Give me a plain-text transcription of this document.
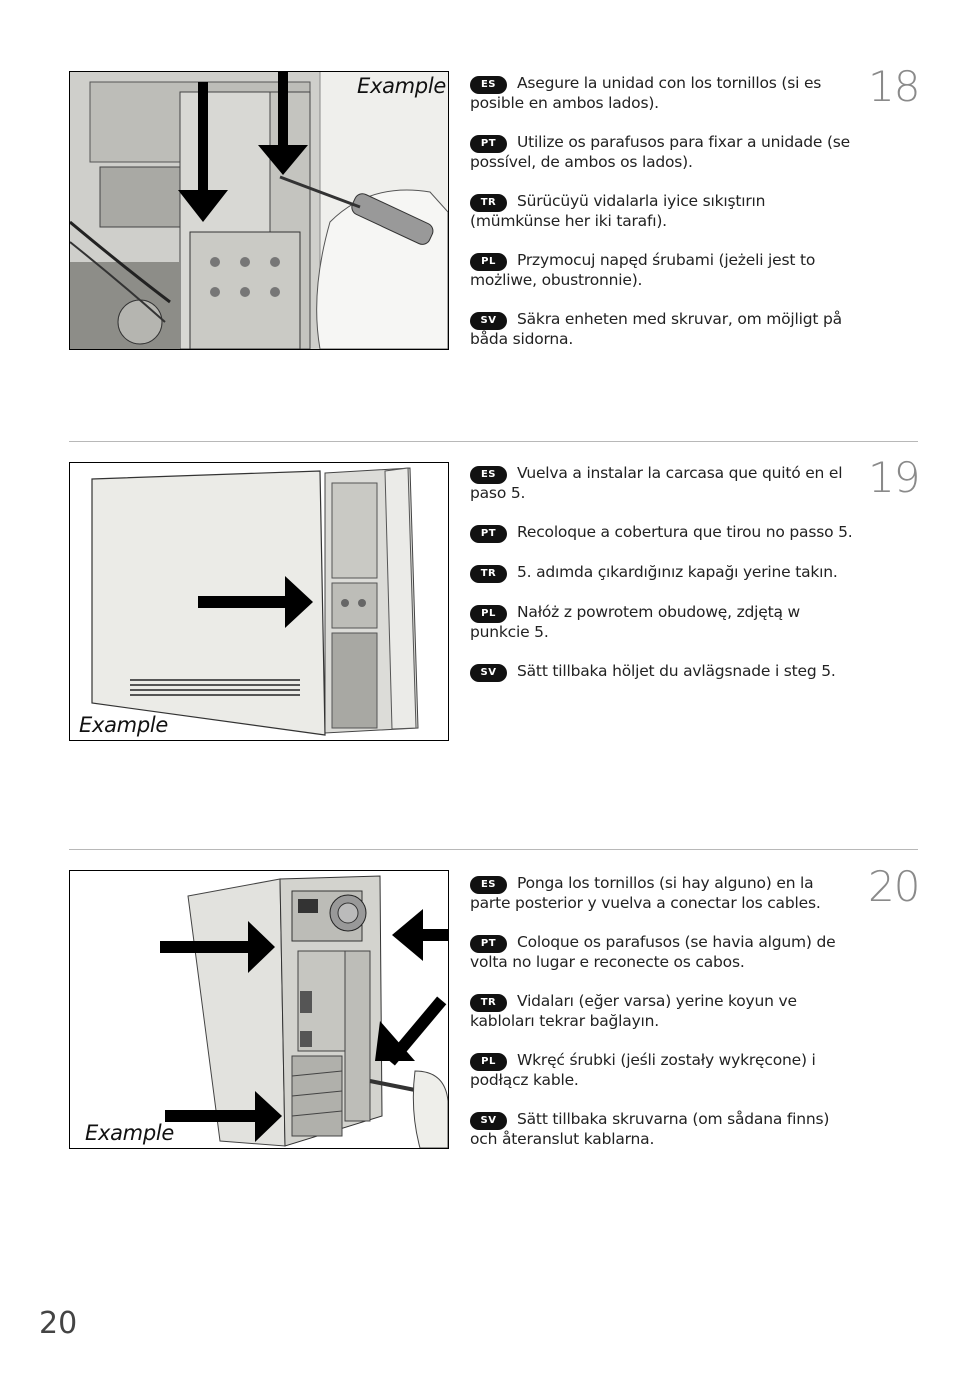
Example	ES Asegure la unidad con los tornillos (si es posible en ambos lados).

PT Utilize os parafusos para fixar a unidade (se possível, de ambos os lados).

TR Sürücüyü vidalarla iyice sıkıştırın (mümkünse her iki tarafı).

PL Przymocuj napęd śrubami (jeżeli jest to możliwe, obustronnie).

SV Säkra enheten med skruvar, om möjligt på båda sidorna.

18
Example

ES Vuelva a instalar la carcasa que quitó en el paso 5.

PT Recoloque a cobertura que tirou no passo 5.

TR 5. adımda çıkardığınız kapağı yerine takın.

PL Nałóż z powrotem obudowę, zdjętą w punkcie 5.

SV Sätt tillbaka höljet du avlägsnade i steg 5.

19
Example

ES Ponga los tornillos (si hay alguno) en la parte posterior y vuelva a conectar los cables.

PT Coloque os parafusos (se havia algum) de volta no lugar e reconecte os cabos.

TR Vidaları (eğer varsa) yerine koyun ve kabloları tekrar bağlayın.

PL Wkręć śrubki (jeśli zostały wykręcone) i podłącz kable.

SV Sätt tillbaka skruvarna (om sådana finns) och återanslut kablarna.

20
20
